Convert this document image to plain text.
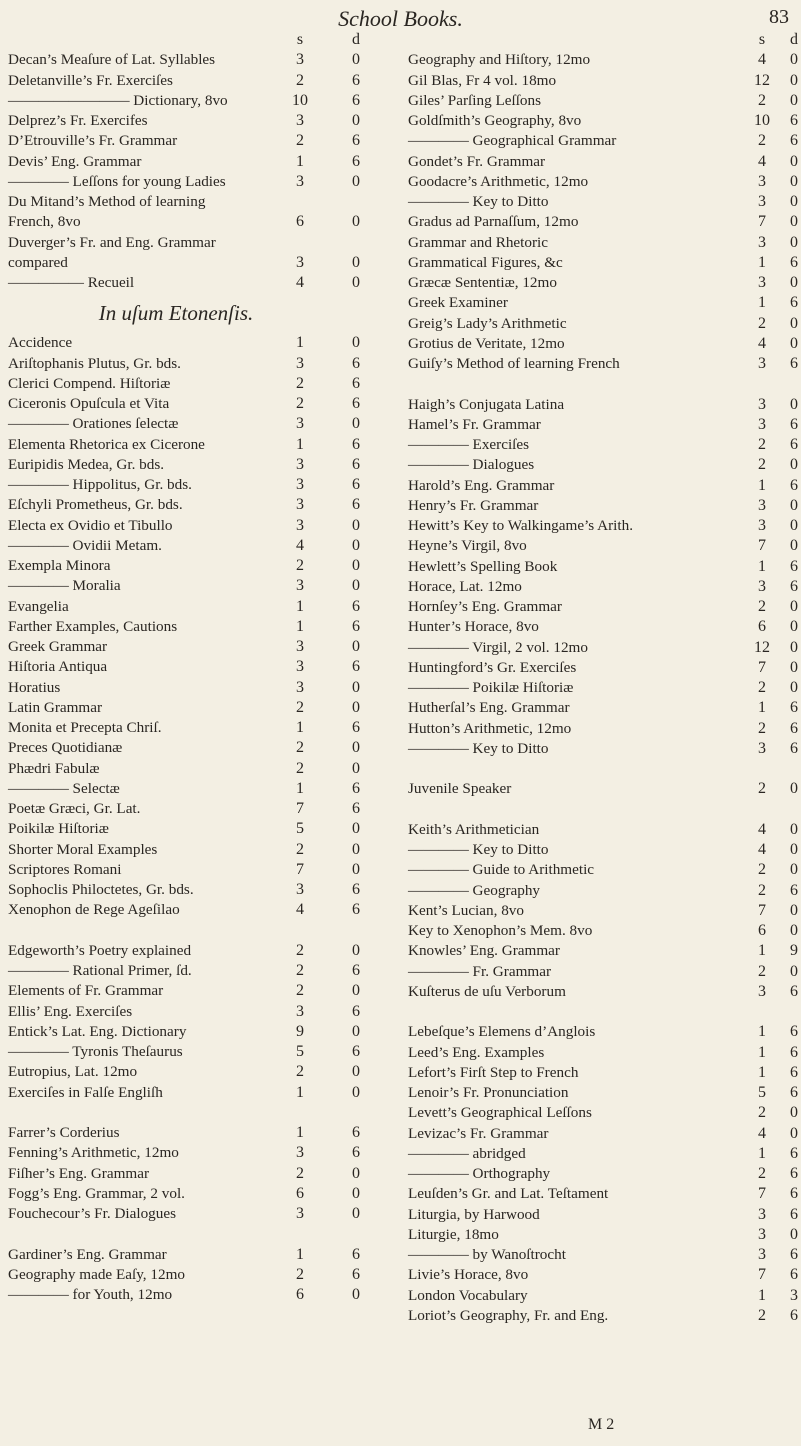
School Books.	83
s	d
Decan’s Meaſure of Lat. Syllables	3	0
Deletanville’s Fr. Exerciſes	2	6
———————— Dictionary, 8vo	10	6
Delprez’s Fr. Exercifes	3	0
D’Etrouville’s Fr. Grammar	2	6
Devis’ Eng. Grammar	1	6
———— Leſſons for young Ladies	3	0
Du Mitand’s Method of learning
French, 8vo	6	0
Duverger’s Fr. and Eng. Grammar
compared	3	0
————— Recueil	4	0
In uſum Etonenſis.
Accidence	1	0
Ariſtophanis Plutus, Gr. bds.	3	6
Clerici Compend. Hiſtoriæ	2	6
Ciceronis Opuſcula et Vita	2	6
———— Orationes ſelectæ	3	0
Elementa Rhetorica ex Cicerone	1	6
Euripidis Medea, Gr. bds.	3	6
———— Hippolitus, Gr. bds.	3	6
Eſchyli Prometheus, Gr. bds.	3	6
Electa ex Ovidio et Tibullo	3	0
———— Ovidii Metam.	4	0
Exempla Minora	2	0
———— Moralia	3	0
Evangelia	1	6
Farther Examples, Cautions	1	6
Greek Grammar	3	0
Hiſtoria Antiqua	3	6
Horatius	3	0
Latin Grammar	2	0
Monita et Precepta Chriſ.	1	6
Preces Quotidianæ	2	0
Phædri Fabulæ	2	0
———— Selectæ	1	6
Poetæ Græci, Gr. Lat.	7	6
Poikilæ Hiſtoriæ	5	0
Shorter Moral Examples	2	0
Scriptores Romani	7	0
Sophoclis Philoctetes, Gr. bds.	3	6
Xenophon de Rege Ageſilao	4	6
Edgeworth’s Poetry explained	2	0
———— Rational Primer, ſd.	2	6
Elements of Fr. Grammar	2	0
Ellis’ Eng. Exerciſes	3	6
Entick’s Lat. Eng. Dictionary	9	0
———— Tyronis Theſaurus	5	6
Eutropius, Lat. 12mo	2	0
Exerciſes in Falſe Engliſh	1	0
Farrer’s Corderius	1	6
Fenning’s Arithmetic, 12mo	3	6
Fiſher’s Eng. Grammar	2	0
Fogg’s Eng. Grammar, 2 vol.	6	0
Fouchecour’s Fr. Dialogues	3	0
Gardiner’s Eng. Grammar	1	6
Geography made Eaſy, 12mo	2	6
———— for Youth, 12mo	6	0
s	d
Geography and Hiſtory, 12mo	4 0
Gil Blas, Fr 4 vol. 18mo	12 0
Giles’ Parſing Leſſons	2 0
Goldſmith’s Geography, 8vo	10 6
———— Geographical Grammar	2 6
Gondet’s Fr. Grammar	4 0
Goodacre’s Arithmetic, 12mo	3 0
———— Key to Ditto	3 0
Gradus ad Parnaſſum, 12mo	7 0
Grammar and Rhetoric	3 0
Grammatical Figures, &c	1 6
Græcæ Sententiæ, 12mo	3 0
Greek Examiner	1 6
Greig’s Lady’s Arithmetic	2 0
Grotius de Veritate, 12mo	4 0
Guiſy’s Method of learning French	3 6
Haigh’s Conjugata Latina	3 0
Hamel’s Fr. Grammar	3 6
———— Exerciſes	2 6
———— Dialogues	2 0
Harold’s Eng. Grammar	1 6
Henry’s Fr. Grammar	3 0
Hewitt’s Key to Walkingame’s Arith.	3 0
Heyne’s Virgil, 8vo	7 0
Hewlett’s Spelling Book	1 6
Horace, Lat. 12mo	3 6
Hornſey’s Eng. Grammar	2 0
Hunter’s Horace, 8vo	6 0
———— Virgil, 2 vol. 12mo	12 0
Huntingford’s Gr. Exerciſes	7 0
———— Poikilæ Hiſtoriæ	2 0
Hutherſal’s Eng. Grammar	1 6
Hutton’s Arithmetic, 12mo	2 6
———— Key to Ditto	3 6
Juvenile Speaker	2 0
Keith’s Arithmetician	4 0
———— Key to Ditto	4 0
———— Guide to Arithmetic	2 0
———— Geography	2 6
Kent’s Lucian, 8vo	7 0
Key to Xenophon’s Mem. 8vo	6 0
Knowles’ Eng. Grammar	1 9
———— Fr. Grammar	2 0
Kuſterus de uſu Verborum	3 6
Lebeſque’s Elemens d’Anglois	1 6
Leed’s Eng. Examples	1 6
Lefort’s Firſt Step to French	1 6
Lenoir’s Fr. Pronunciation	5 6
Levett’s Geographical Leſſons	2 0
Levizac’s Fr. Grammar	4 0
———— abridged	1 6
———— Orthography	2 6
Leuſden’s Gr. and Lat. Teſtament	7 6
Liturgia, by Harwood	3 6
Liturgie, 18mo	3 0
———— by Wanoſtrocht	3 6
Livie’s Horace, 8vo	7 6
London Vocabulary	1 3
Loriot’s Geography, Fr. and Eng.	2 6
M 2
